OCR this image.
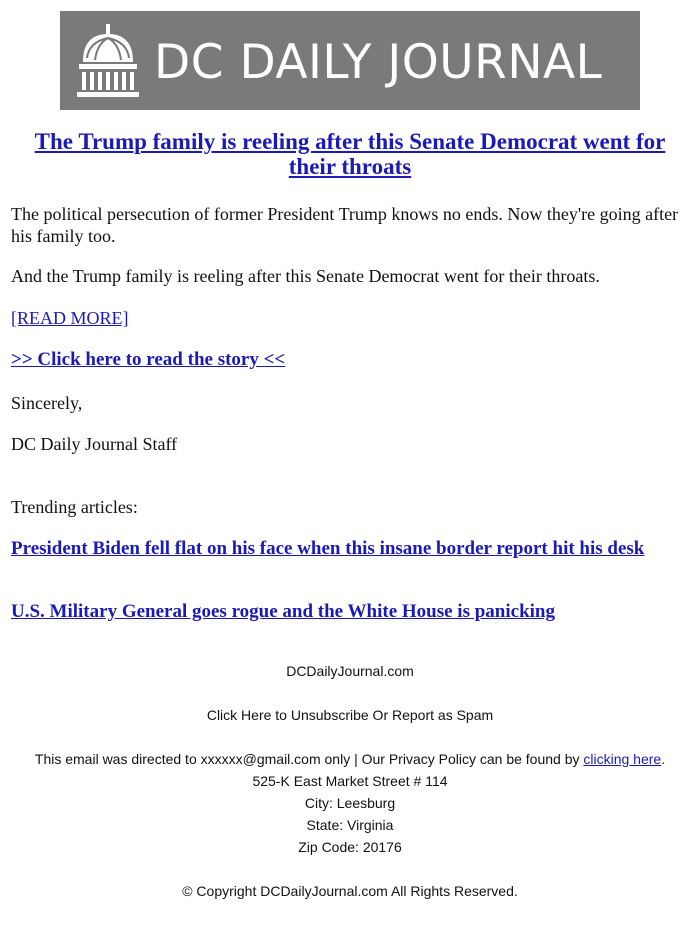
DC DAILY JOURNAL
The Trump family is reeling after this Senate Democrat went for their throats

The political persecution of former President Trump knows no ends. Now they're going after his family too.

And the Trump family is reeling after this Senate Democrat went for their throats.

[READ MORE]

>> Click here to read the story <<

Sincerely,

DC Daily Journal Staff

Trending articles:

President Biden fell flat on his face when this insane border report hit his desk

U.S. Military General goes rogue and the White House is panicking

DCDailyJournal.com
Click Here to Unsubscribe Or Report as Spam
This email was directed to xxxxxx@gmail.com only | Our Privacy Policy can be found by clicking here.
525-K East Market Street # 114
City: Leesburg
State: Virginia
Zip Code: 20176
© Copyright DCDailyJournal.com All Rights Reserved.
